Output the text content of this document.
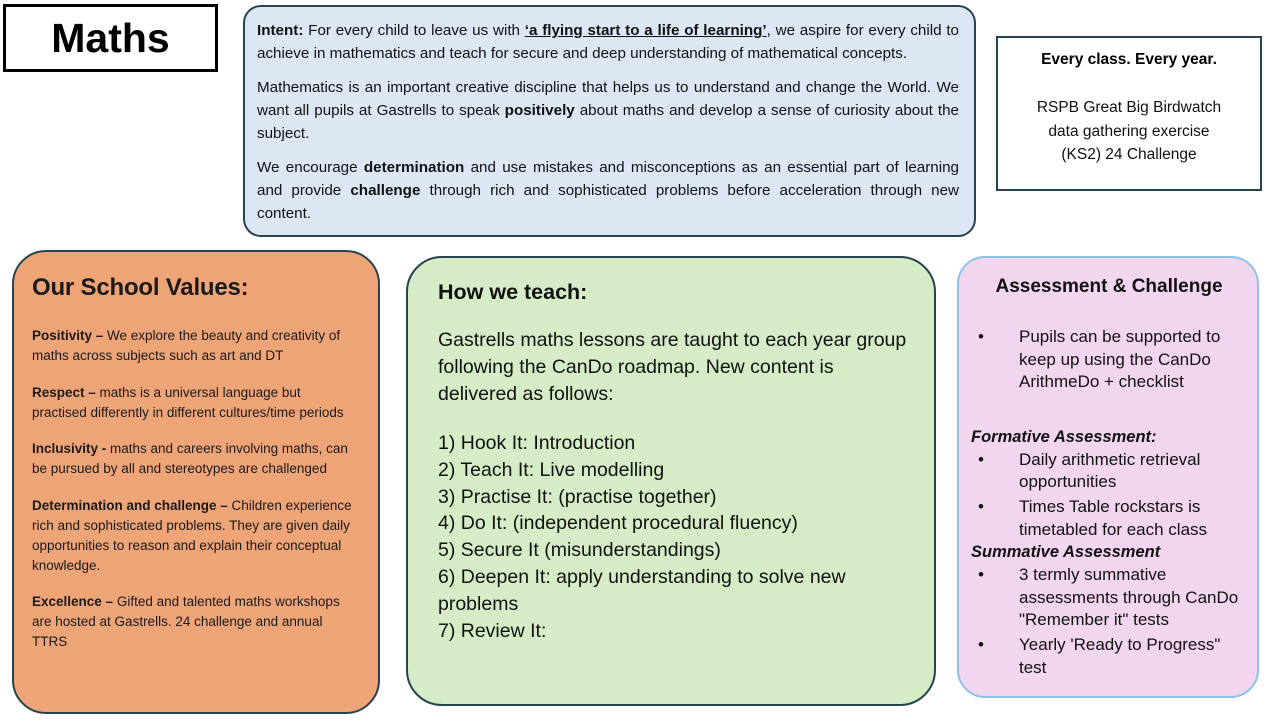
Maths	Intent: For every child to leave us with ‘a flying start to a life of learning’, we aspire for every child to achieve in mathematics and teach for secure and deep understanding of mathematical concepts.

Mathematics is an important creative discipline that helps us to understand and change the World. We want all pupils at Gastrells to speak positively about maths and develop a sense of curiosity about the subject.

We encourage determination and use mistakes and misconceptions as an essential part of learning and provide challenge through rich and sophisticated problems before acceleration through new content.

Every class. Every year.
RSPB Great Big Birdwatch
data gathering exercise
(KS2) 24 Challenge
Our School Values:
Positivity – We explore the beauty and creativity of maths across subjects such as art and DT
Respect – maths is a universal language but practised differently in different cultures/time periods
Inclusivity - maths and careers involving maths, can be pursued by all and stereotypes are challenged
Determination and challenge – Children experience rich and sophisticated problems. They are given daily opportunities to reason and explain their conceptual knowledge.
Excellence – Gifted and talented maths workshops are hosted at Gastrells. 24 challenge and annual TTRS
How we teach:
Gastrells maths lessons are taught to each year group following the CanDo roadmap. New content is delivered as follows:
1) Hook It: Introduction
2) Teach It: Live modelling
3) Practise It: (practise together)
4) Do It: (independent procedural fluency)
5) Secure It (misunderstandings)
6) Deepen It: apply understanding to solve new problems
7) Review It:
Assessment & Challenge
•	Pupils can be supported to keep up using the CanDo ArithmeDo + checklist
Formative Assessment:
•	Daily arithmetic retrieval opportunities
•	Times Table rockstars is timetabled for each class
Summative Assessment
•	3 termly summative assessments through CanDo "Remember it" tests
•	Yearly 'Ready to Progress" test
